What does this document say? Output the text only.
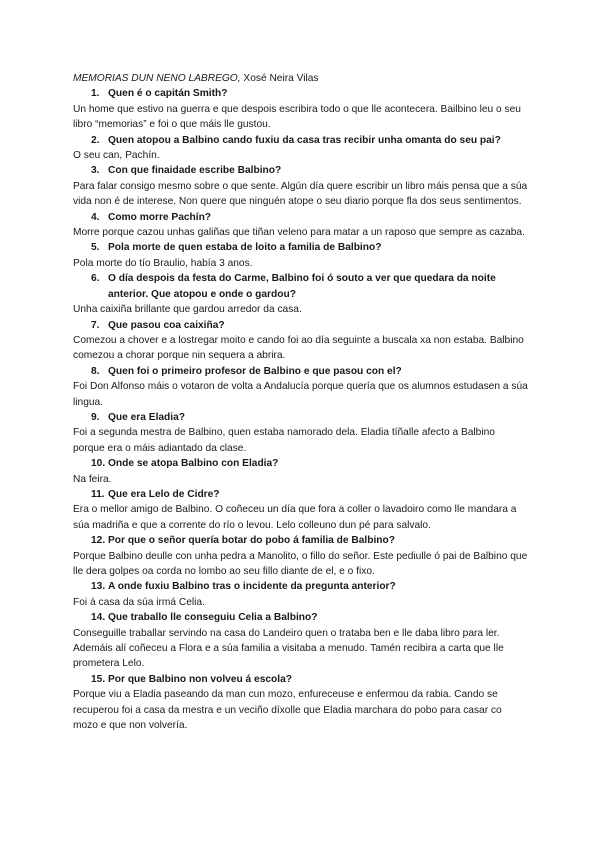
MEMORIAS DUN NENO LABREGO, Xosé Neira Vilas

1. Quen é o capitán Smith?

Un home que estivo na guerra e que despois escribira todo o que lle acontecera. Bailbino leu o seu libro “memorias” e foi o que máis lle gustou.

2. Quen atopou a Balbino cando fuxiu da casa tras recibir unha omanta do seu pai?

O seu can, Pachín.

3. Con que finaidade escribe Balbino?

Para falar consigo mesmo sobre o que sente. Algún día quere escribir un libro máis pensa que a súa vida non é de interese. Non quere que ninguén atope o seu diario porque fla dos seus sentimentos.

4. Como morre Pachín?

Morre porque cazou unhas galiñas que tiñan veleno para matar a un raposo que sempre as cazaba.

5. Pola morte de quen estaba de loito a familia de Balbino?

Pola morte do tío Braulio, había 3 anos.

6. O día despois da festa do Carme, Balbino foi ó souto a ver que quedara da noite anterior. Que atopou e onde o gardou?

Unha caixiña brillante que gardou arredor da casa.

7. Que pasou coa caixiña?

Comezou a chover e a lostregar moito e cando foi ao día seguinte a buscala xa non estaba. Balbino comezou a chorar porque nin sequera a abrira.

8. Quen foi o primeiro profesor de Balbino e que pasou con el?

Foi Don Alfonso máis o votaron de volta a Andalucía porque quería que os alumnos estudasen a súa lingua.

9. Que era Eladia?

Foi a segunda mestra de Balbino, quen estaba namorado dela. Eladia tíñalle afecto a Balbino porque era o máis adiantado da clase.

10. Onde se atopa Balbino con Eladia?

Na feira.

11. Que era Lelo de Cidre?

Era o mellor amigo de Balbino. O coñeceu un día que fora a coller o lavadoiro como lle mandara a súa madriña e que a corrente do río o levou. Lelo colleuno dun pé para salvalo.

12. Por que o señor quería botar do pobo á familia de Balbino?

Porque Balbino deulle con unha pedra a Manolito, o fillo do señor. Este pediulle ó pai de Balbino que lle dera golpes oa corda no lombo ao seu fillo diante de el, e o fixo.

13. A onde fuxiu Balbino tras o incidente da pregunta anterior?

Foi á casa da súa irmá Celia.

14. Que traballo lle conseguiu Celia a Balbino?

Conseguille traballar servindo na casa do Landeiro quen o trataba ben e lle daba libro para ler. Ademáis alí coñeceu a Flora e a súa familia a visitaba a menudo. Tamén recibira a carta que lle prometera Lelo.

15. Por que Balbino non volveu á escola?

Porque viu a Eladia paseando da man cun mozo, enfureceuse e enfermou da rabia. Cando se recuperou foi a casa da mestra e un veciño díxolle que Eladia marchara do pobo para casar co mozo e que non volvería.
